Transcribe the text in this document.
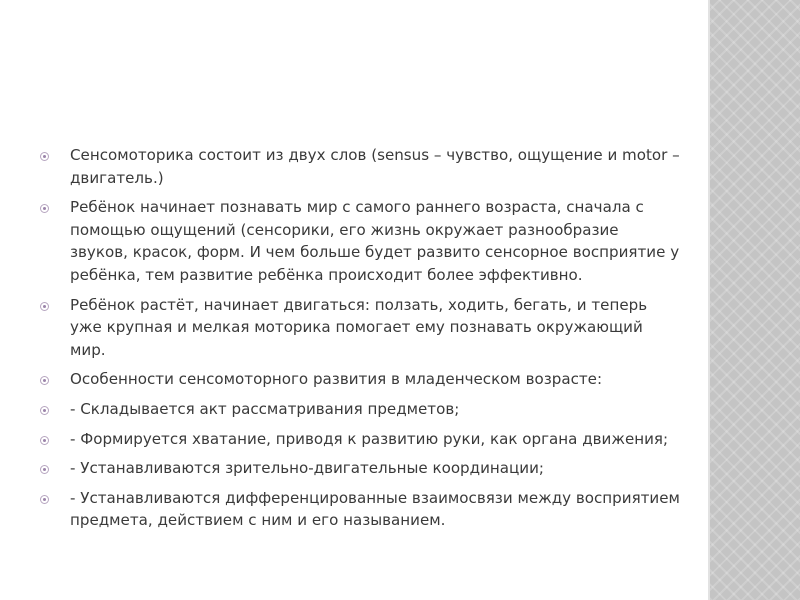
Сенсомоторика состоит из двух слов (sensus – чувство, ощущение и motor – двигатель.)
Ребёнок начинает познавать мир с самого раннего возраста, сначала с помощью ощущений (сенсорики, его жизнь окружает разнообразие звуков, красок, форм. И чем больше будет развито сенсорное восприятие у ребёнка, тем развитие ребёнка происходит более эффективно.
Ребёнок растёт, начинает двигаться: ползать, ходить, бегать, и теперь уже крупная и мелкая моторика помогает ему познавать окружающий мир.
Особенности сенсомоторного развития в младенческом возрасте:
- Складывается акт рассматривания предметов;
- Формируется хватание, приводя к развитию руки, как органа движения;
- Устанавливаются зрительно-двигательные координации;
- Устанавливаются дифференцированные взаимосвязи между восприятием предмета, действием с ним и его называнием.
